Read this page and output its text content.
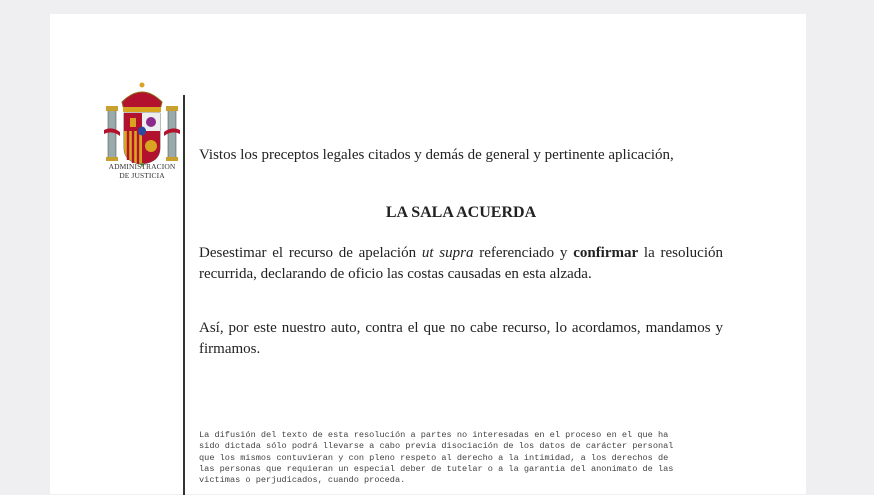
ADMINISTRACION
DE JUSTICIA
Vistos los preceptos legales citados y demás de general y pertinente aplicación,
LA SALA ACUERDA
Desestimar el recurso de apelación ut supra referenciado y confirmar la resolución recurrida, declarando de oficio las costas causadas en esta alzada.
Así, por este nuestro auto, contra el que no cabe recurso, lo acordamos, mandamos y firmamos.
La difusión del texto de esta resolución a partes no interesadas en el proceso en el que ha
sido dictada sólo podrá llevarse a cabo previa disociación de los datos de carácter personal
que los mismos contuvieran y con pleno respeto al derecho a la intimidad, a los derechos de
las personas que requieran un especial deber de tutelar o a la garantia del anonimato de las
victimas o perjudicados, cuando proceda.
